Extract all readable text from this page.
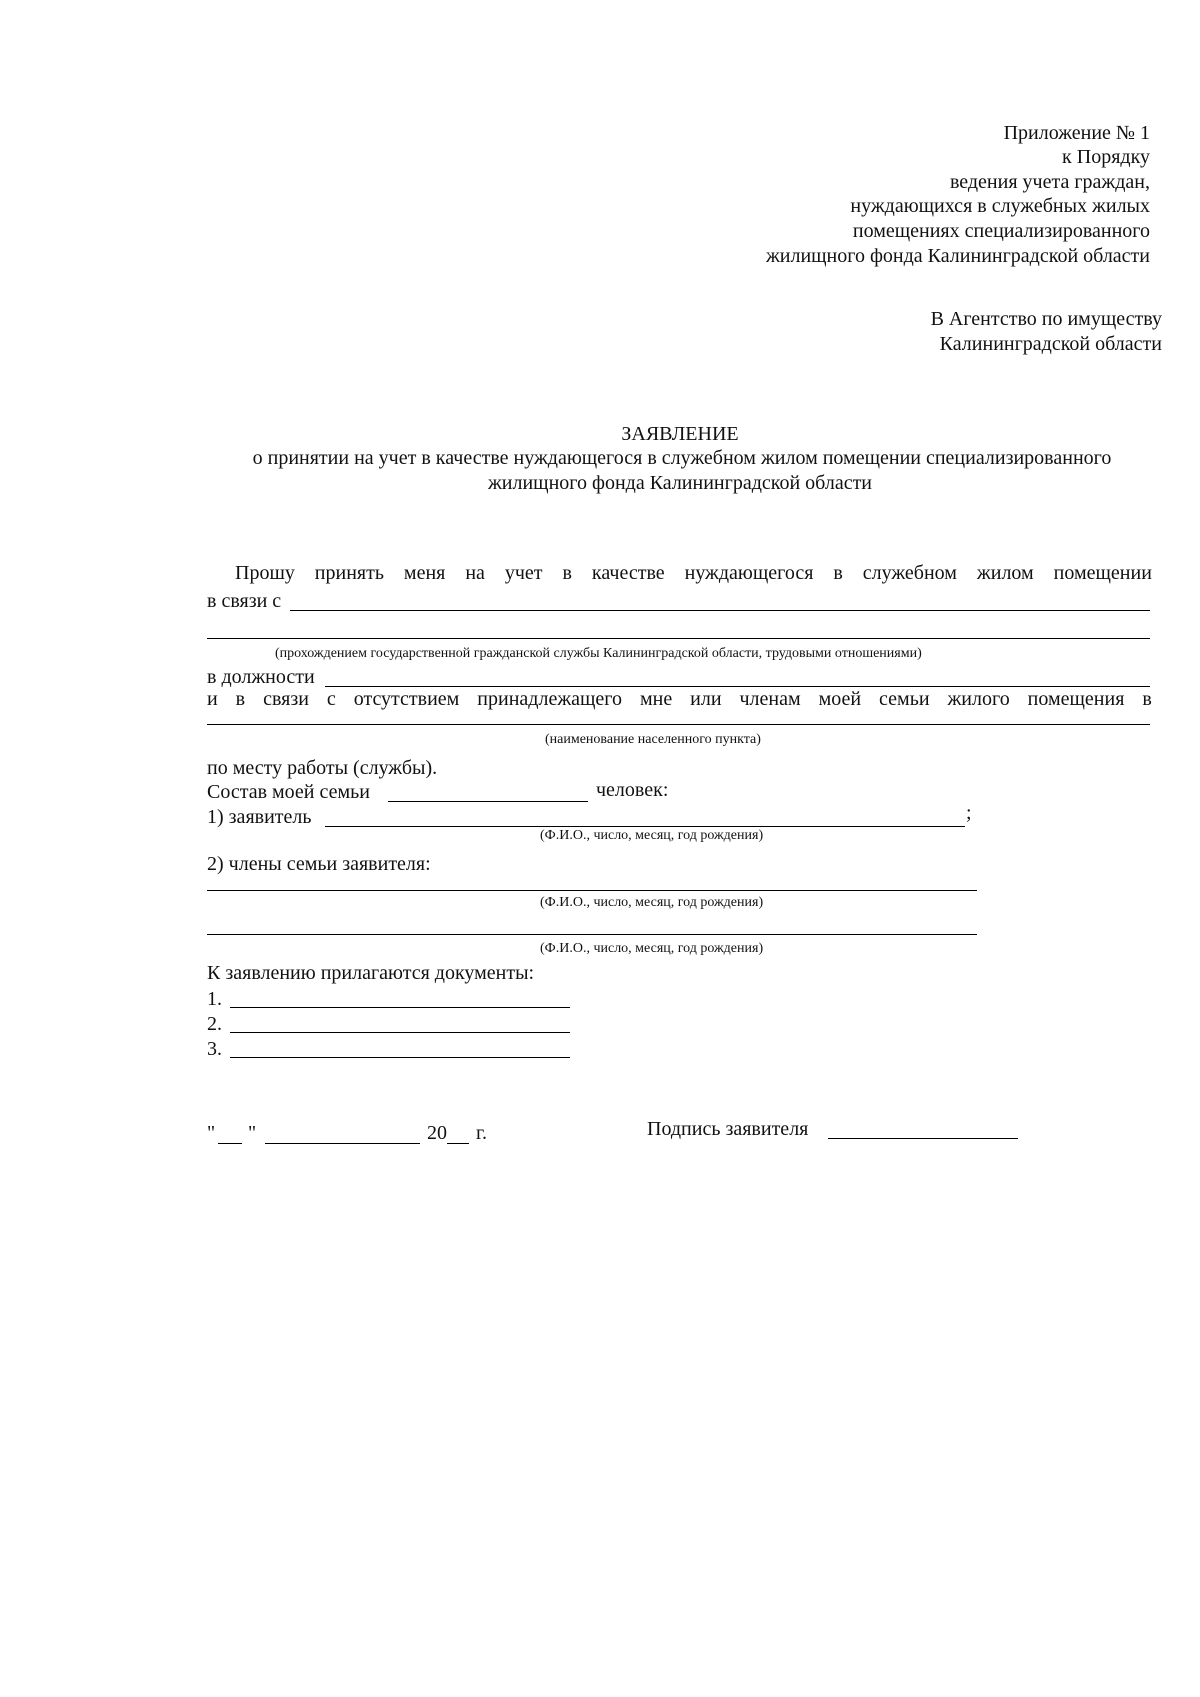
Приложение № 1
к Порядку
ведения учета граждан,
нуждающихся в служебных жилых
помещениях специализированного
жилищного фонда Калининградской области
В Агентство по имуществу
Калининградской области
ЗАЯВЛЕНИЕ
о принятии на учет в качестве нуждающегося в служебном жилом помещении специализированного
жилищного фонда Калининградской области
Прошу принять меня на учет в качестве нуждающегося в служебном жилом помещении
в связи с
(прохождением государственной гражданской службы Калининградской области, трудовыми отношениями)
в должности
и в связи с отсутствием принадлежащего мне или членам моей семьи жилого помещения в
(наименование населенного пункта)
по месту работы (службы).
Состав моей семьи	человек:
1) заявитель	;
(Ф.И.О., число, месяц, год рождения)
2) члены семьи заявителя:
(Ф.И.О., число, месяц, год рождения)
(Ф.И.О., число, месяц, год рождения)
К заявлению прилагаются документы:
1.
2.
3.
" "	20 г.	Подпись заявителя
